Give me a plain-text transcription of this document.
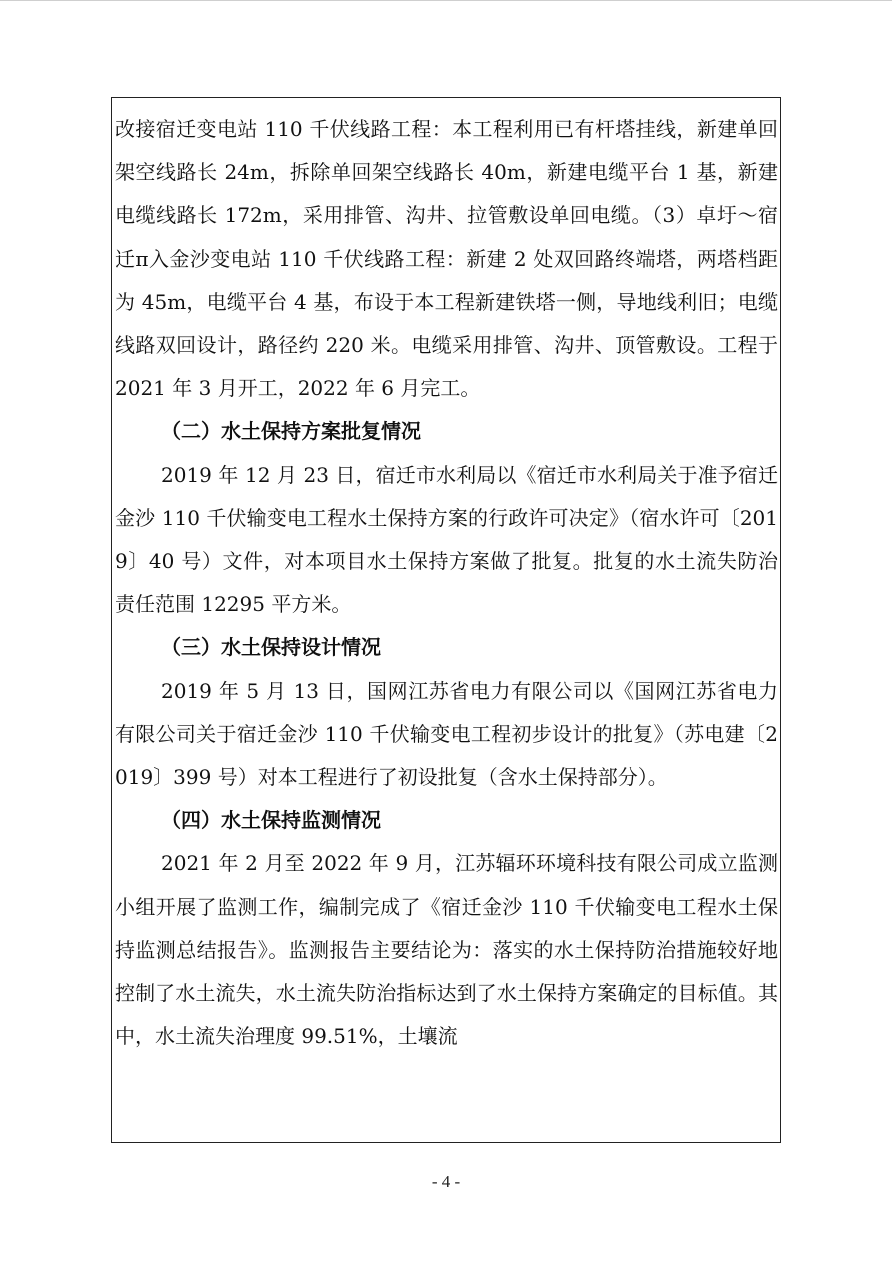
改接宿迁变电站 110 千伏线路工程：本工程利用已有杆塔挂线，新建单回架空线路长 24m，拆除单回架空线路长 40m，新建电缆平台 1 基，新建电缆线路长 172m，采用排管、沟井、拉管敷设单回电缆。（3）卓圩～宿迁π入金沙变电站 110 千伏线路工程：新建 2 处双回路终端塔，两塔档距为 45m，电缆平台 4 基，布设于本工程新建铁塔一侧，导地线利旧；电缆线路双回设计，路径约 220 米。电缆采用排管、沟井、顶管敷设。工程于 2021 年 3 月开工，2022 年 6 月完工。

（二）水土保持方案批复情况

2019 年 12 月 23 日，宿迁市水利局以《宿迁市水利局关于准予宿迁金沙 110 千伏输变电工程水土保持方案的行政许可决定》（宿水许可〔2019〕40 号）文件，对本项目水土保持方案做了批复。批复的水土流失防治责任范围 12295 平方米。

（三）水土保持设计情况

2019 年 5 月 13 日，国网江苏省电力有限公司以《国网江苏省电力有限公司关于宿迁金沙 110 千伏输变电工程初步设计的批复》（苏电建〔2019〕399 号）对本工程进行了初设批复（含水土保持部分）。

（四）水土保持监测情况

2021 年 2 月至 2022 年 9 月，江苏辐环环境科技有限公司成立监测小组开展了监测工作，编制完成了《宿迁金沙 110 千伏输变电工程水土保持监测总结报告》。监测报告主要结论为：落实的水土保持防治措施较好地控制了水土流失，水土流失防治指标达到了水土保持方案确定的目标值。其中，水土流失治理度 99.51%，土壤流

- 4 -
